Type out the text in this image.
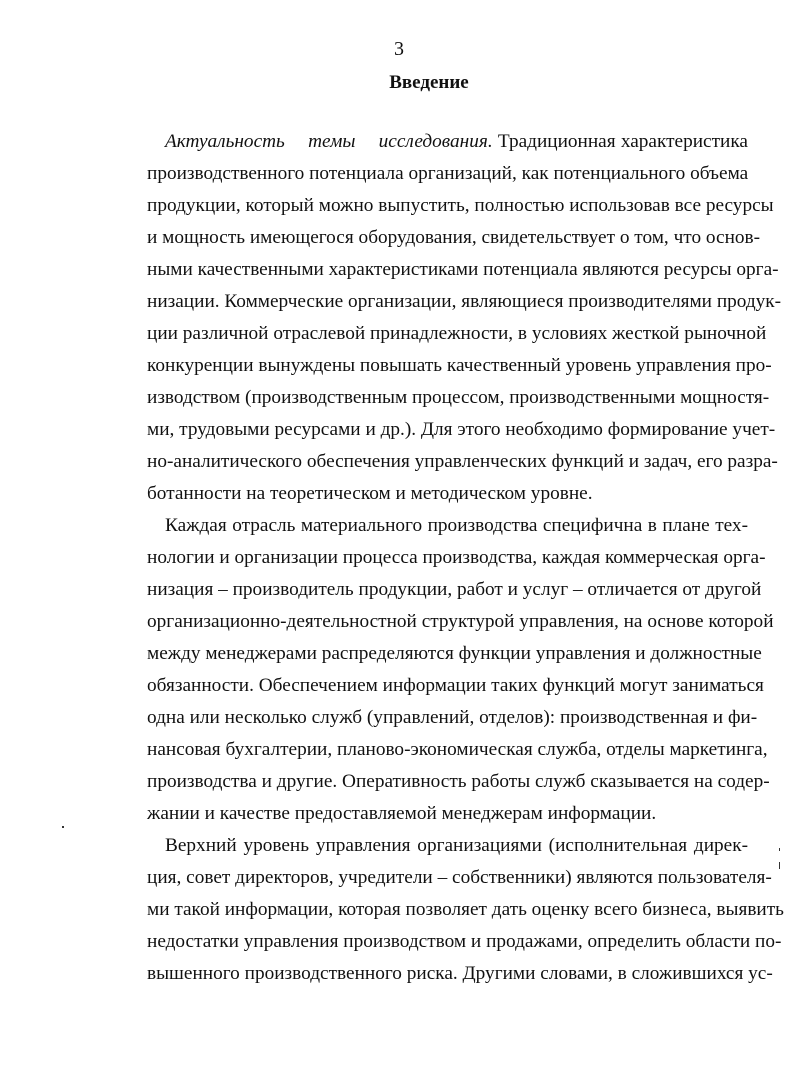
3
Введение
Актуальность темы исследования. Традиционная характеристика
производственного потенциала организаций, как потенциального объема
продукции, который можно выпустить, полностью использовав все ресурсы
и мощность имеющегося оборудования, свидетельствует о том, что основ-
ными качественными характеристиками потенциала являются ресурсы орга-
низации. Коммерческие организации, являющиеся производителями продук-
ции различной отраслевой принадлежности, в условиях жесткой рыночной
конкуренции вынуждены повышать качественный уровень управления про-
изводством (производственным процессом, производственными мощностя-
ми, трудовыми ресурсами и др.). Для этого необходимо формирование учет-
но-аналитического обеспечения управленческих функций и задач, его разра-
ботанности на теоретическом и методическом уровне.
Каждая отрасль материального производства специфична в плане тех-
нологии и организации процесса производства, каждая коммерческая орга-
низация – производитель продукции, работ и услуг – отличается от другой
организационно-деятельностной структурой управления, на основе которой
между менеджерами распределяются функции управления и должностные
обязанности. Обеспечением информации таких функций могут заниматься
одна или несколько служб (управлений, отделов): производственная и фи-
нансовая бухгалтерии, планово-экономическая служба, отделы маркетинга,
производства и другие. Оперативность работы служб сказывается на содер-
жании и качестве предоставляемой менеджерам информации.
Верхний уровень управления организациями (исполнительная дирек-
ция, совет директоров, учредители – собственники) являются пользователя-
ми такой информации, которая позволяет дать оценку всего бизнеса, выявить
недостатки управления производством и продажами, определить области по-
вышенного производственного риска. Другими словами, в сложившихся ус-
